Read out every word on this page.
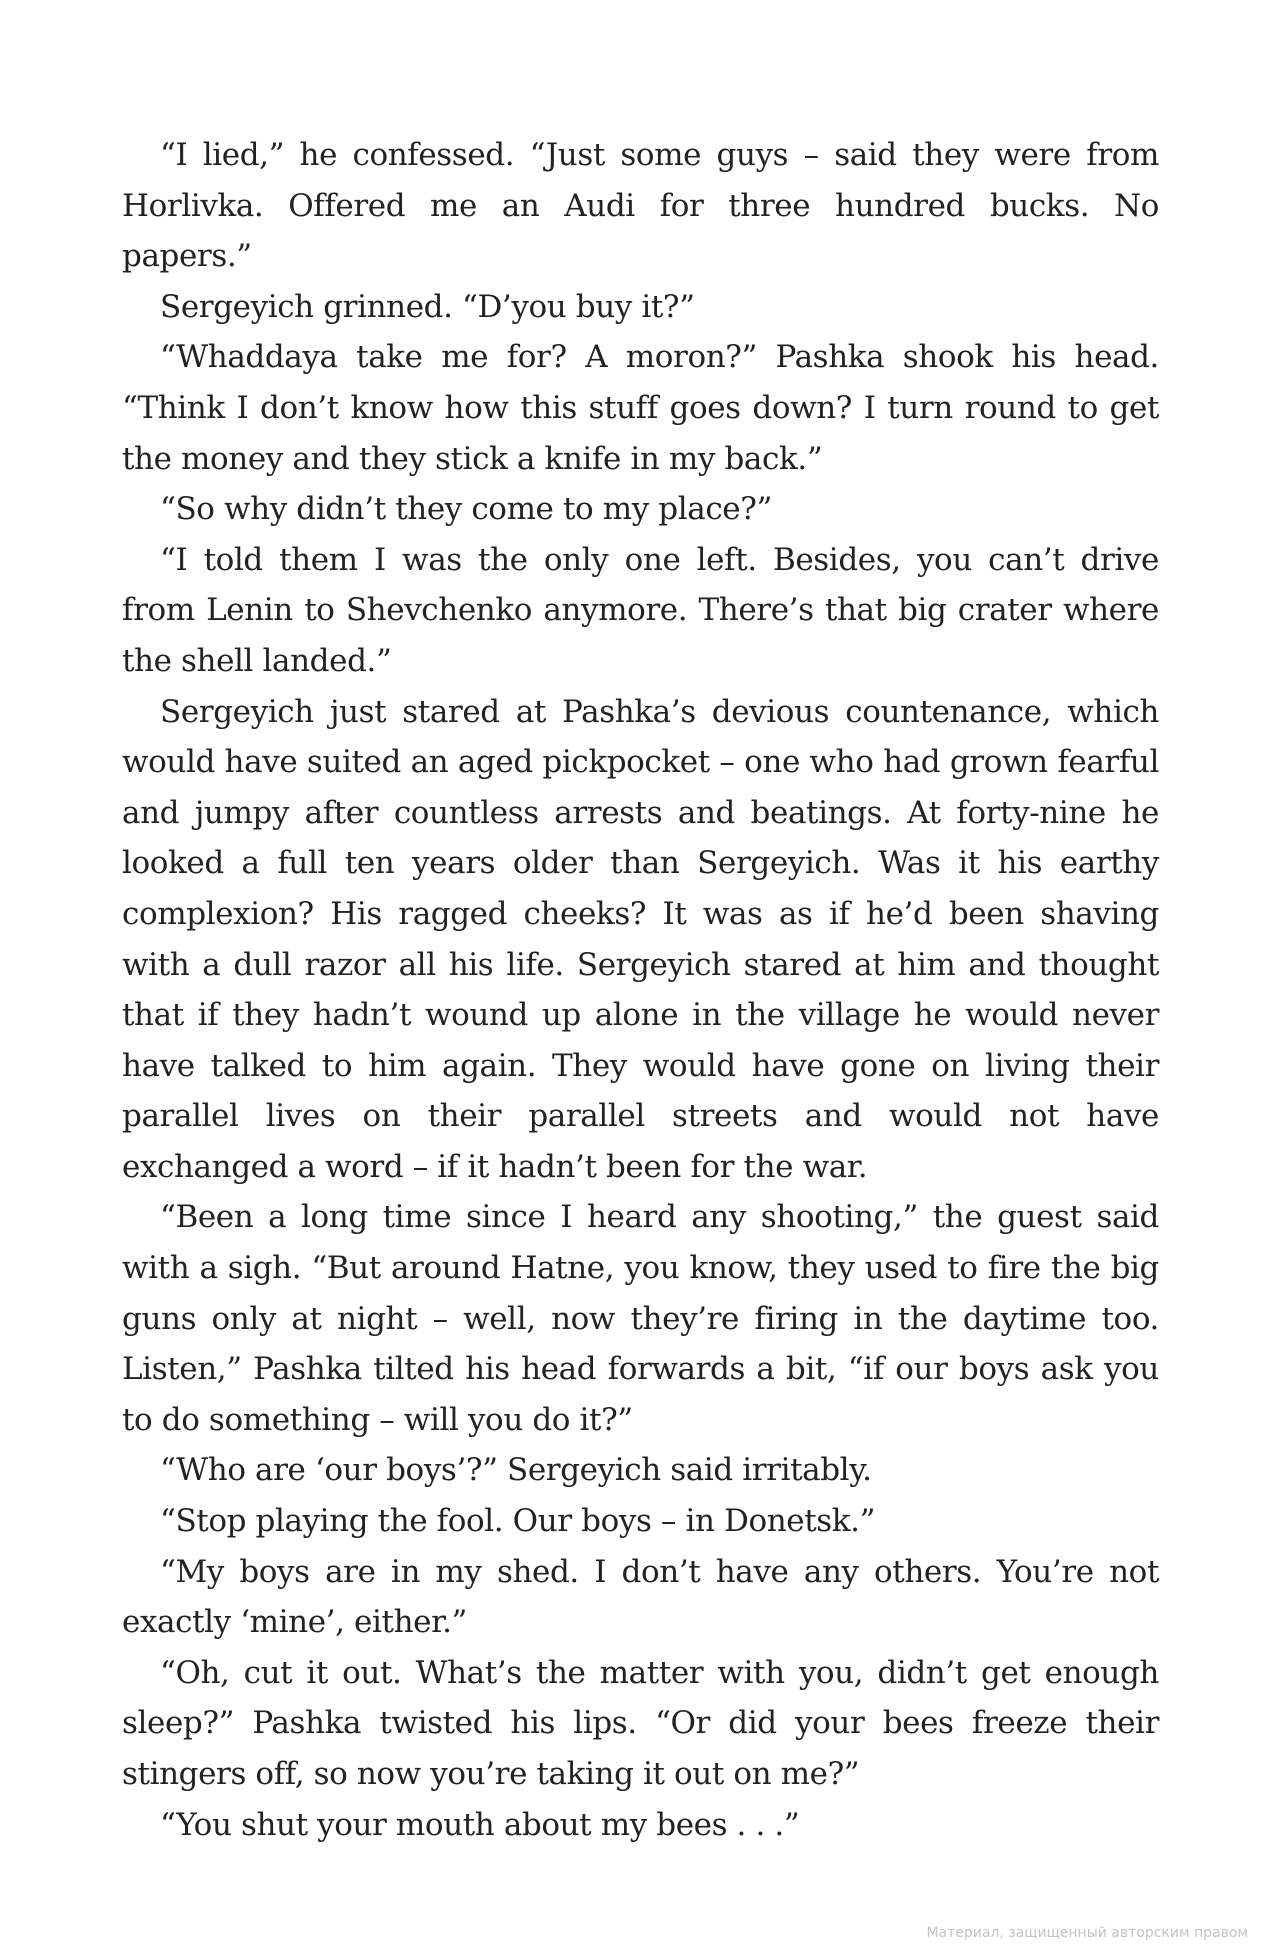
“I lied,” he confessed. “Just some guys – said they were from Horlivka. Offered me an Audi for three hundred bucks. No papers.”

Sergeyich grinned. “D’you buy it?”

“Whaddaya take me for? A moron?” Pashka shook his head. “Think I don’t know how this stuff goes down? I turn round to get the money and they stick a knife in my back.”

“So why didn’t they come to my place?”

“I told them I was the only one left. Besides, you can’t drive from Lenin to Shevchenko anymore. There’s that big crater where the shell landed.”

Sergeyich just stared at Pashka’s devious countenance, which would have suited an aged pickpocket – one who had grown fearful and jumpy after countless arrests and beatings. At forty-nine he looked a full ten years older than Sergeyich. Was it his earthy complexion? His ragged cheeks? It was as if he’d been shaving with a dull razor all his life. Sergeyich stared at him and thought that if they hadn’t wound up alone in the village he would never have talked to him again. They would have gone on living their parallel lives on their parallel streets and would not have exchanged a word – if it hadn’t been for the war.

“Been a long time since I heard any shooting,” the guest said with a sigh. “But around Hatne, you know, they used to fire the big guns only at night – well, now they’re firing in the daytime too. Listen,” Pashka tilted his head forwards a bit, “if our boys ask you to do something – will you do it?”

“Who are ‘our boys’?” Sergeyich said irritably.

“Stop playing the fool. Our boys – in Donetsk.”

“My boys are in my shed. I don’t have any others. You’re not exactly ‘mine’, either.”

“Oh, cut it out. What’s the matter with you, didn’t get enough sleep?” Pashka twisted his lips. “Or did your bees freeze their stingers off, so now you’re taking it out on me?”

“You shut your mouth about my bees . . .”

Материал, защищенный авторским правом
